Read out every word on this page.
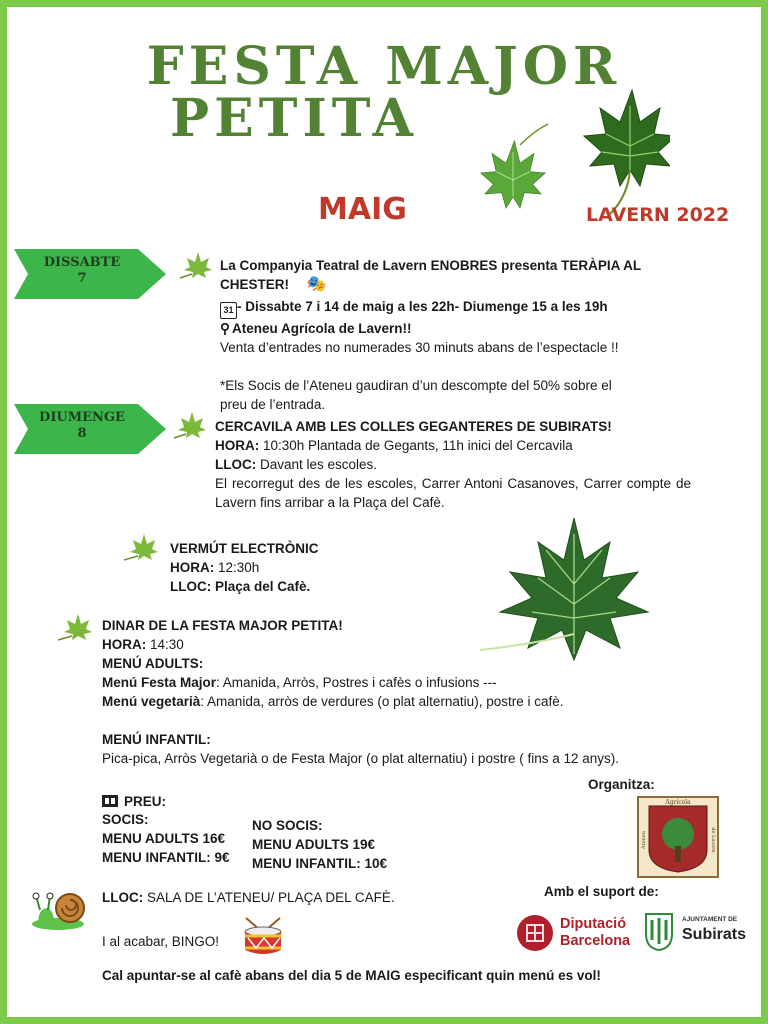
FESTA MAJOR
PETITA
MAIG	LAVERN 2022
DISSABTE
7

La Companyia Teatral de Lavern ENOBRES presenta TERÀPIA AL

CHESTER! 🎭

31 - Dissabte 7 i 14 de maig a les 22h- Diumenge 15 a les 19h

⚲ Ateneu Agrícola de Lavern!!

Venta d’entrades no numerades 30 minuts abans de l’espectacle !!

*Els Socis de l’Ateneu gaudiran d’un descompte del 50% sobre el

preu de l’entrada.

DIUMENGE
8	CERCAVILA AMB LES COLLES GEGANTERES DE SUBIRATS!

HORA: 10:30h Plantada de Gegants, 11h inici del Cercavila

LLOC: Davant les escoles.

El recorregut des de les escoles, Carrer Antoni Casanoves, Carrer compte de Lavern fins arribar a la Plaça del Cafè.

VERMÚT ELECTRÒNIC

HORA: 12:30h

LLOC: Plaça del Cafè.

DINAR DE LA FESTA MAJOR PETITA!

HORA: 14:30

MENÚ ADULTS:

Menú Festa Major: Amanida, Arròs, Postres i cafès o infusions ---

Menú vegetarià: Amanida, arròs de verdures (o plat alternatiu), postre i cafè.

MENÚ INFANTIL:

Pica-pica, Arròs Vegetarià o de Festa Major (o plat alternatiu) i postre ( fins a 12 anys).
PREU:

SOCIS:

MENU ADULTS 16€

MENU INFANTIL: 9€

NO SOCIS:

MENU ADULTS 19€

MENU INFANTIL: 10€

Organitza:
Agrícola
Ateneu	de Lavern
Amb el suport de:
Diputació
Barcelona
AJUNTAMENT DE
Subirats
LLOC: SALA DE L’ATENEU/ PLAÇA DEL CAFÈ.
I al acabar, BINGO!
Cal apuntar-se al cafè abans del dia 5 de MAIG especificant quin menú es vol!
